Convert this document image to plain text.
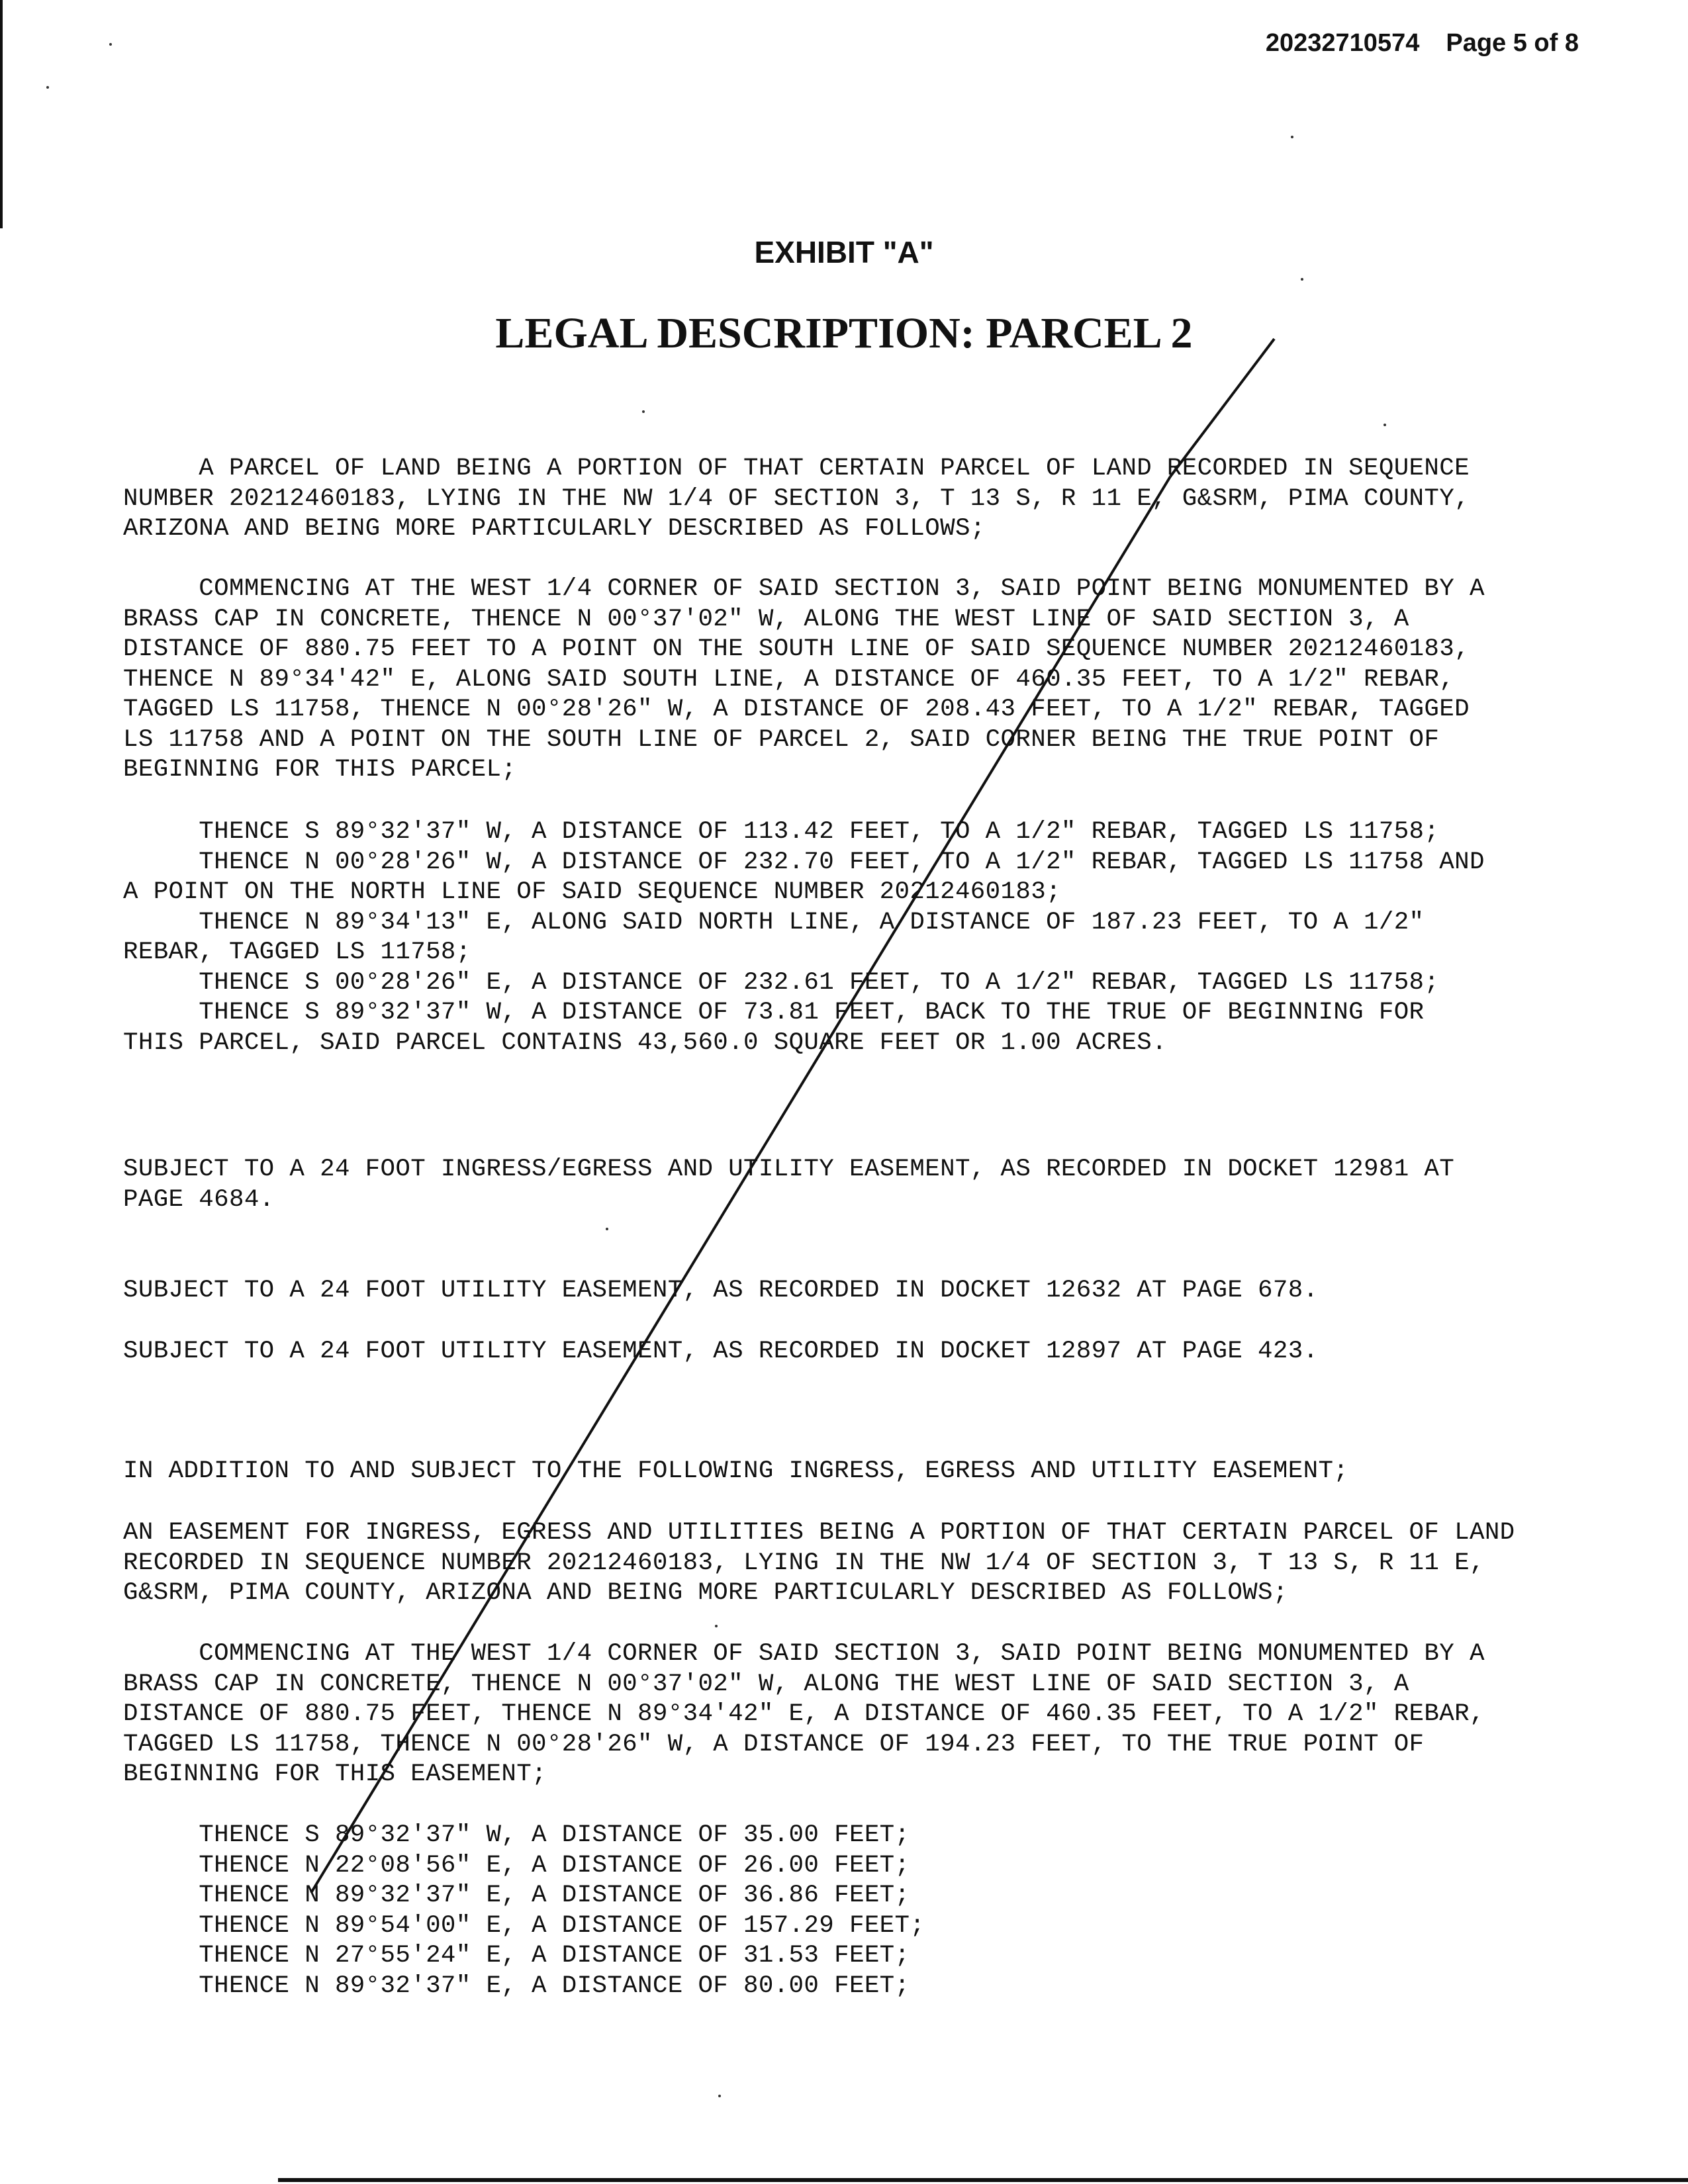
20232710574 Page 5 of 8
EXHIBIT "A"
LEGAL DESCRIPTION: PARCEL 2

A PARCEL OF LAND BEING A PORTION OF THAT CERTAIN PARCEL OF LAND RECORDED IN SEQUENCE
NUMBER 20212460183, LYING IN THE NW 1/4 OF SECTION 3, T 13 S, R 11 E, G&SRM, PIMA COUNTY,
ARIZONA AND BEING MORE PARTICULARLY DESCRIBED AS FOLLOWS;

COMMENCING AT THE WEST 1/4 CORNER OF SAID SECTION 3, SAID POINT BEING MONUMENTED BY A
BRASS CAP IN CONCRETE, THENCE N 00°37'02" W, ALONG THE WEST LINE OF SAID SECTION 3, A
DISTANCE OF 880.75 FEET TO A POINT ON THE SOUTH LINE OF SAID SEQUENCE NUMBER 20212460183,
THENCE N 89°34'42" E, ALONG SAID SOUTH LINE, A DISTANCE OF 460.35 FEET, TO A 1/2" REBAR,
TAGGED LS 11758, THENCE N 00°28'26" W, A DISTANCE OF 208.43 FEET, TO A 1/2" REBAR, TAGGED
LS 11758 AND A POINT ON THE SOUTH LINE OF PARCEL 2, SAID CORNER BEING THE TRUE POINT OF
BEGINNING FOR THIS PARCEL;

THENCE S 89°32'37" W, A DISTANCE OF 113.42 FEET,  A 1/2" REBAR, TAGGED LS 11758;
THENCE N 00°28'26" W, A DISTANCE OF 232.70 FEET, TO A 1/2" REBAR, TAGGED LS 11758 AND
A POINT ON THE NORTH LINE OF SAID SEQUENCE NUMBER 20212460183;
THENCE N 89°34'13" E, ALONG SAID NORTH LINE, A DISTANCE OF 187.23 FEET, TO A 1/2"
REBAR, TAGGED LS 11758;
THENCE S 00°28'26" E, A DISTANCE OF 232.61 FEET, TO A 1/2" REBAR, TAGGED LS 11758;
THENCE S 89°32'37" W, A DISTANCE OF 73.81 FEET, BACK TO THE TRUE OF BEGINNING FOR
THIS PARCEL, SAID PARCEL CONTAINS 43,560.0 SQUARE FEET OR 1.00 ACRES.

SUBJECT TO A 24 FOOT INGRESS/EGRESS AND UTILITY EASEMENT, AS RECORDED IN DOCKET 12981 AT
PAGE 4684.

SUBJECT TO A 24 FOOT UTILITY EASEMENT, AS RECORDED IN DOCKET 12632 AT PAGE 678.

SUBJECT TO A 24 FOOT UTILITY EASEMENT, AS RECORDED IN DOCKET 12897 AT PAGE 423.

IN ADDITION TO AND SUBJECT TO THE FOLLOWING INGRESS, EGRESS AND UTILITY EASEMENT;

AN EASEMENT FOR INGRESS, EGRESS AND UTILITIES BEING A PORTION OF THAT CERTAIN PARCEL OF LAND
RECORDED IN SEQUENCE NUMBER 20212460183, LYING IN THE NW 1/4 OF SECTION 3, T 13 S, R 11 E,
G&SRM, PIMA COUNTY, ARIZONA AND BEING MORE PARTICULARLY DESCRIBED AS FOLLOWS;

COMMENCING AT THE WEST 1/4 CORNER OF SAID SECTION 3, SAID POINT BEING MONUMENTED BY A
BRASS CAP IN CONCRETE, THENCE N 00°37'02" W, ALONG THE WEST LINE OF SAID SECTION 3, A
DISTANCE OF 880.75 FEET, THENCE N 89°34'42" E, A DISTANCE OF 460.35 FEET, TO A 1/2" REBAR,
TAGGED LS 11758, THENCE N 00°28'26" W, A DISTANCE OF 194.23 FEET, TO THE TRUE POINT OF
BEGINNING FOR THIS EASEMENT;

THENCE S 89°32'37" W, A DISTANCE OF 35.00 FEET;
THENCE N 22°08'56" E, A DISTANCE OF 26.00 FEET;
THENCE N 89°32'37" E, A DISTANCE OF 36.86 FEET;
THENCE N 89°54'00" E, A DISTANCE OF 157.29 FEET;
THENCE N 27°55'24" E, A DISTANCE OF 31.53 FEET;
THENCE N 89°32'37" E, A DISTANCE OF 80.00 FEET;
